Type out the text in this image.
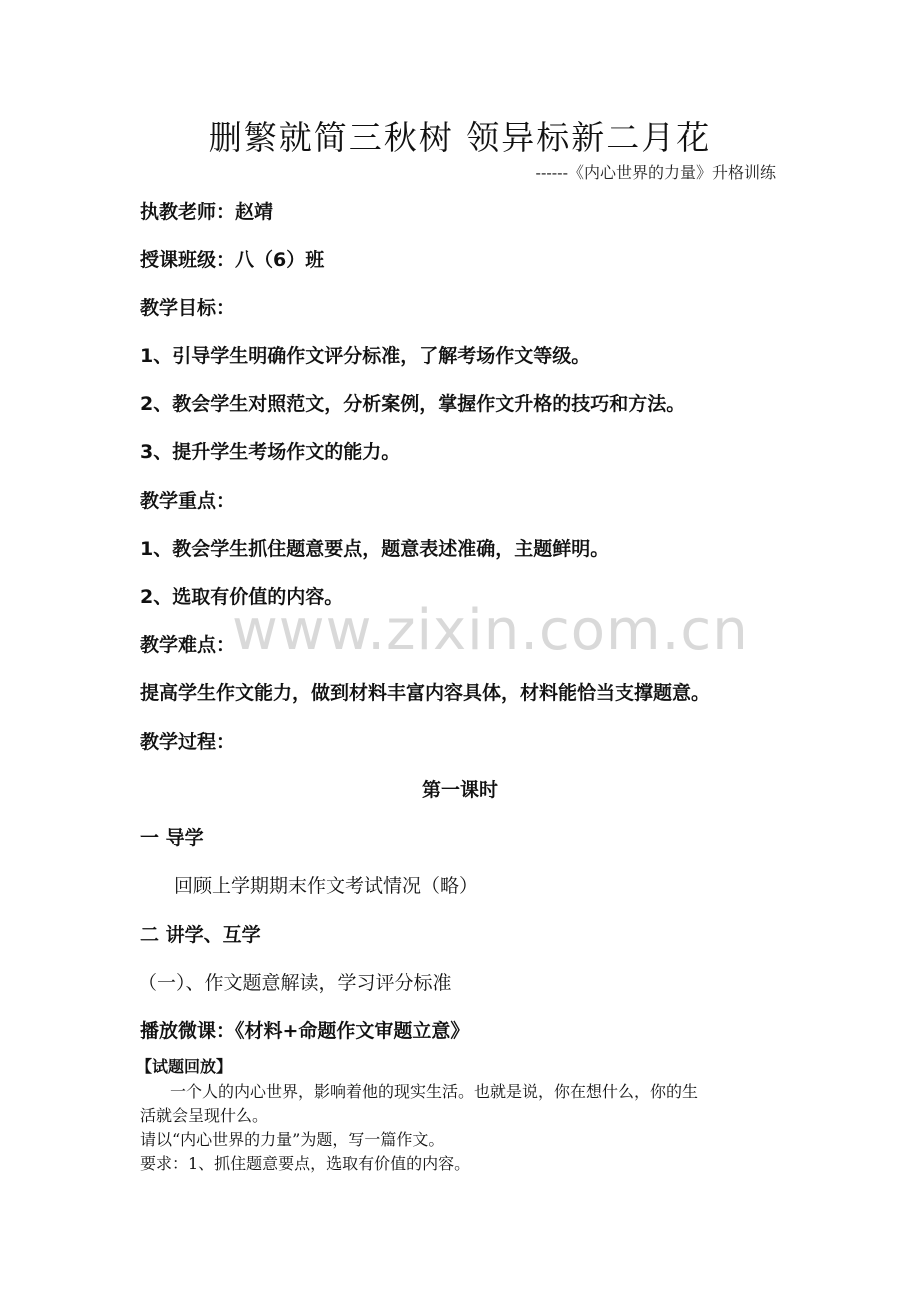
删繁就简三秋树 领异标新二月花
------《内心世界的力量》升格训练
执教老师：赵靖
授课班级：八（6）班
教学目标：
1、引导学生明确作文评分标准，了解考场作文等级。
2、教会学生对照范文，分析案例，掌握作文升格的技巧和方法。
3、提升学生考场作文的能力。
教学重点：
1、教会学生抓住题意要点，题意表述准确，主题鲜明。
2、选取有价值的内容。
www.zixin.com.cn
教学难点：
提高学生作文能力，做到材料丰富内容具体，材料能恰当支撑题意。
教学过程：
第一课时
一 导学
回顾上学期期末作文考试情况（略）
二 讲学、互学
（一）、作文题意解读，学习评分标准
播放微课：《材料+命题作文审题立意》
【试题回放】
一个人的内心世界，影响着他的现实生活。也就是说，你在想什么，你的生
活就会呈现什么。
请以“内心世界的力量”为题，写一篇作文。
要求：1、抓住题意要点，选取有价值的内容。
